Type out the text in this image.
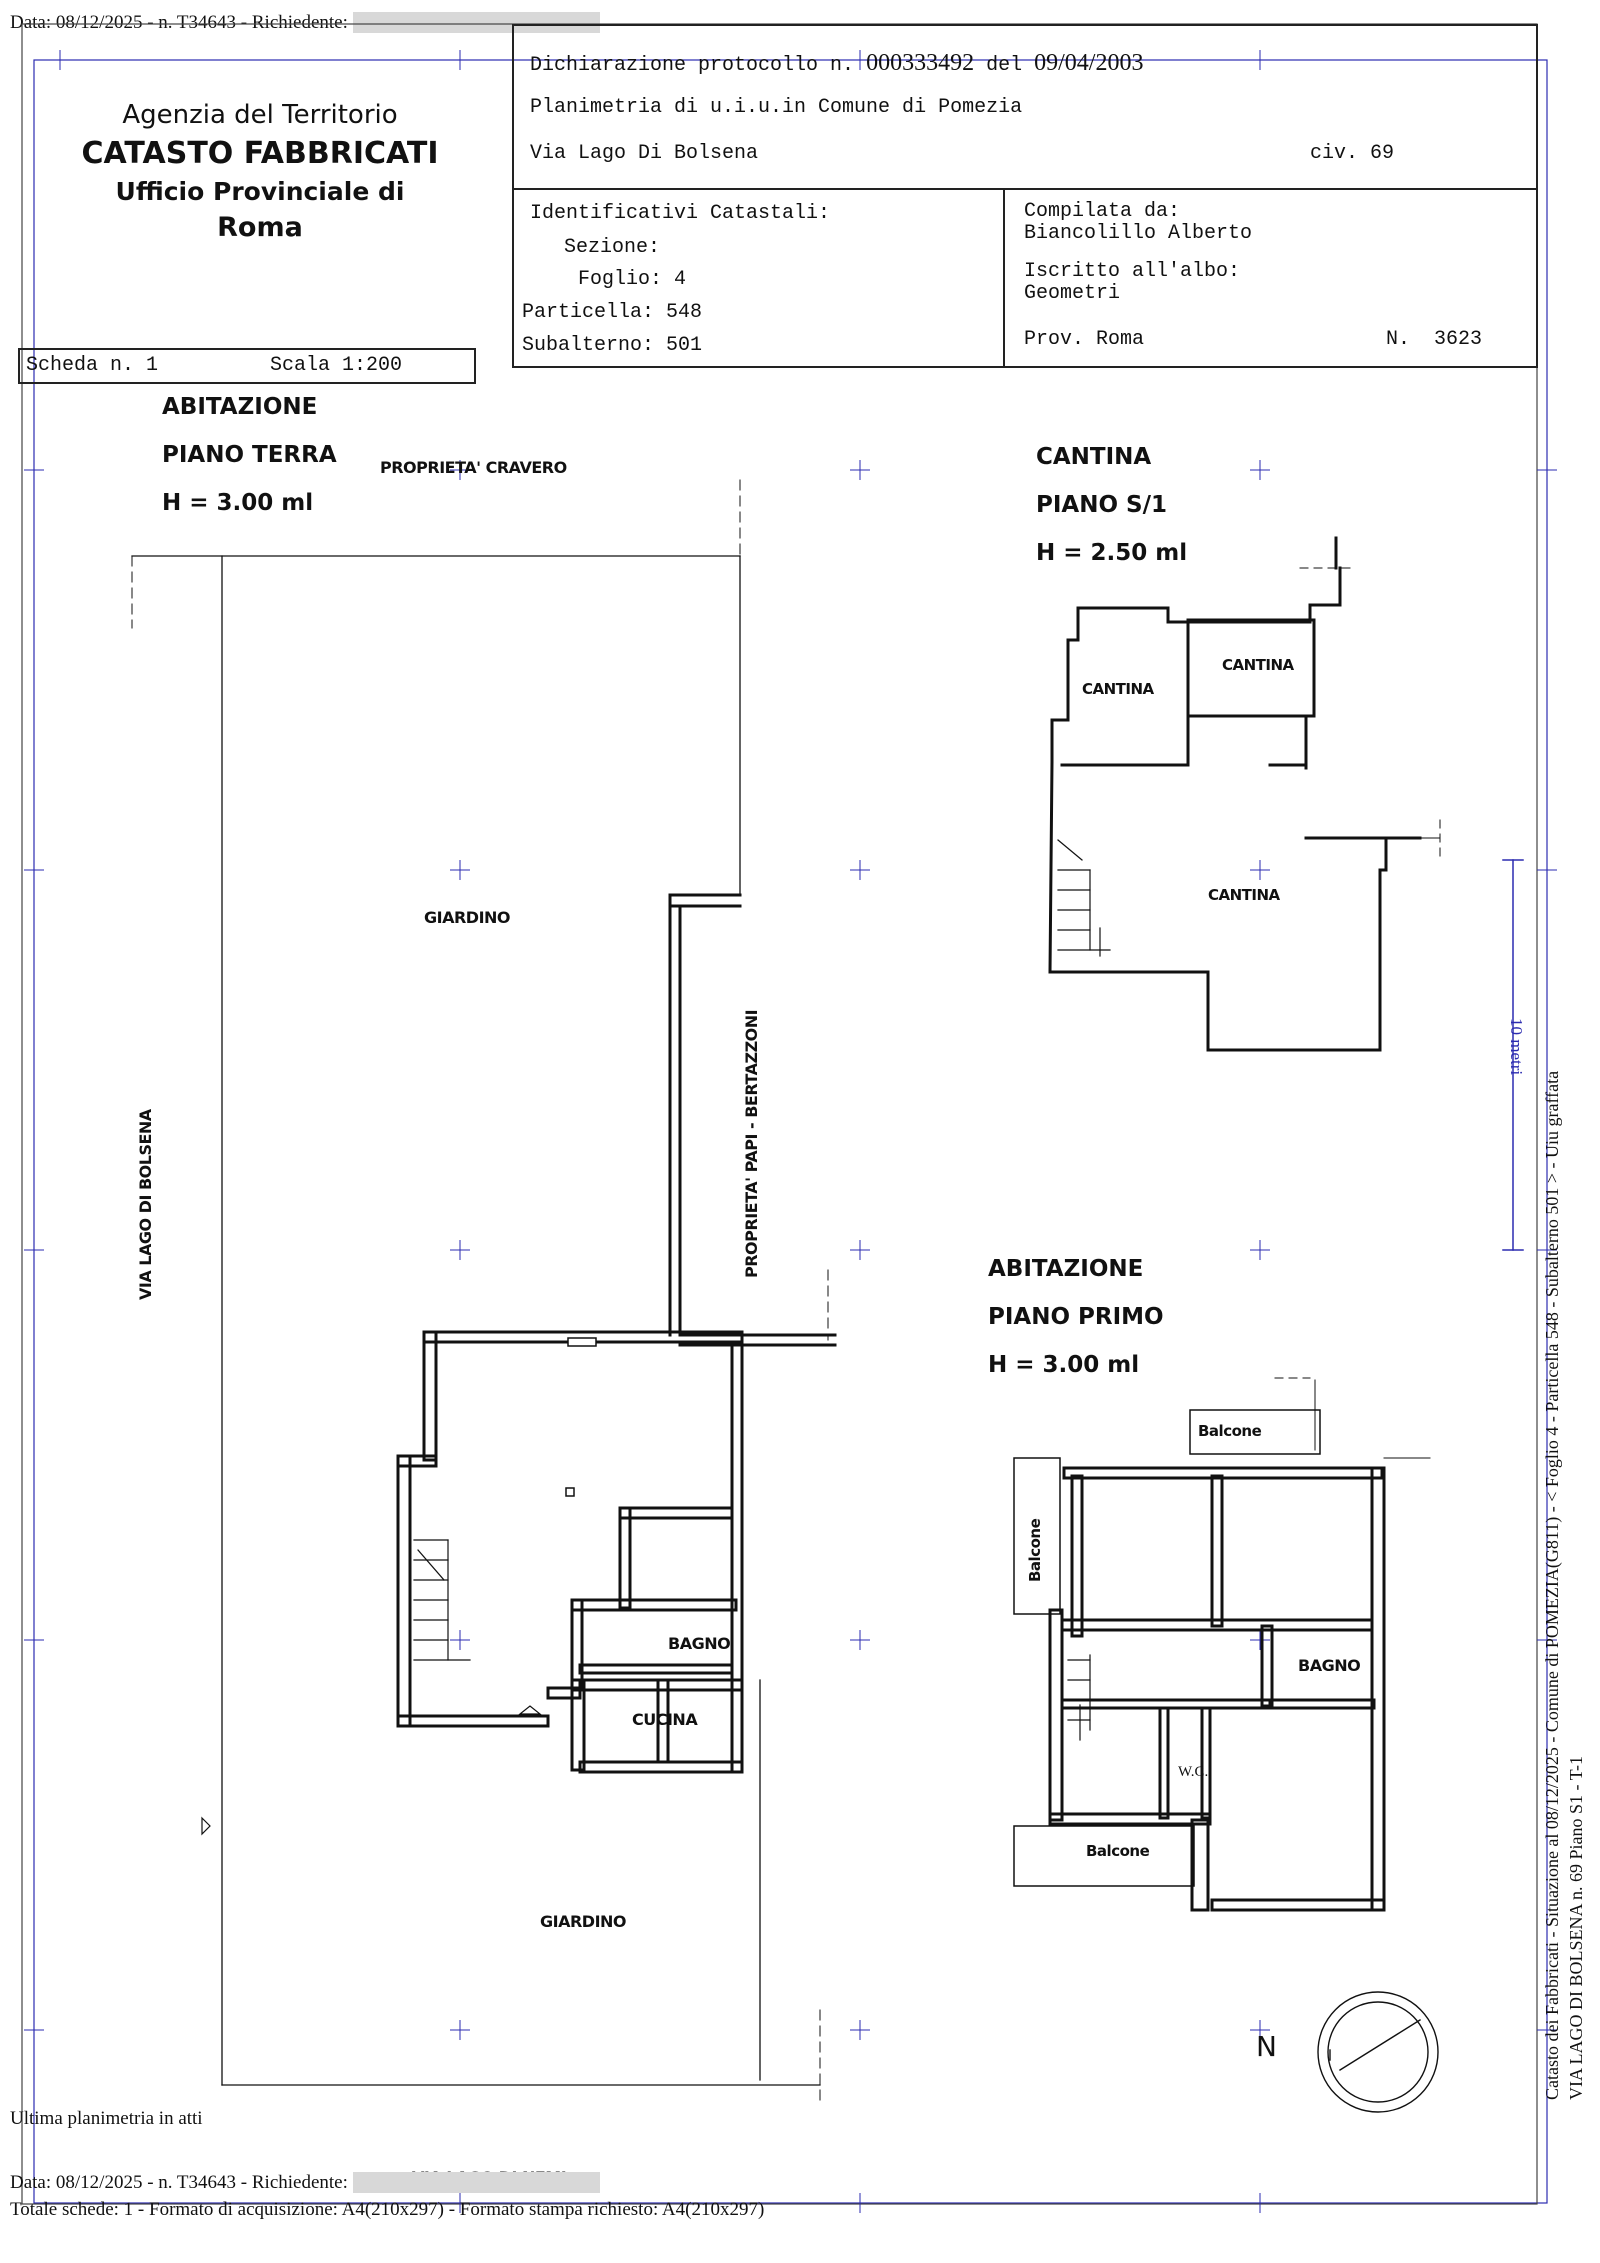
Data: 08/12/2025 - n. T34643 - Richiedente:
Agenzia del Territorio
CATASTO FABBRICATI
Ufficio Provinciale di
Roma
Dichiarazione protocollo n. 000333492 del 09/04/2003
Planimetria di u.i.u.in Comune di Pomezia
Via Lago Di Bolsena	civ. 69
Identificativi Catastali:
Sezione:
Foglio: 4
Particella: 548
Subalterno: 501
Compilata da:
Biancolillo Alberto
Iscritto all'albo:
Geometri
Prov. Roma	N. 3623
Scheda n. 1	Scala 1:200
ABITAZIONE
PIANO TERRA
H = 3.00 ml
PROPRIETA' CRAVERO	CANTINA
PIANO S/1
H = 2.50 ml
ABITAZIONE
PIANO PRIMO
H = 3.00 ml
GIARDINO
GIARDINO
BAGNO
CUCINA
VIA LAGO DI BOLSENA	PROPRIETA' PAPI - BERTAZZONI
CANTINA
CANTINA
CANTINA
Balcone
Balcone
Balcone
BAGNO
W.C.
10 metri
N	Catasto dei Fabbricati - Situazione al 08/12/2025 - Comune di POMEZIA(G811) - < Foglio 4 - Particella 548 - Subalterno 501 > - Uiu graffata VIA LAGO DI BOLSENA n. 69 Piano S1 - T-1
Ultima planimetria in atti
Data: 08/12/2025 - n. T34643 - Richiedente:
Totale schede: 1 - Formato di acquisizione: A4(210x297) - Formato stampa richiesto: A4(210x297)
